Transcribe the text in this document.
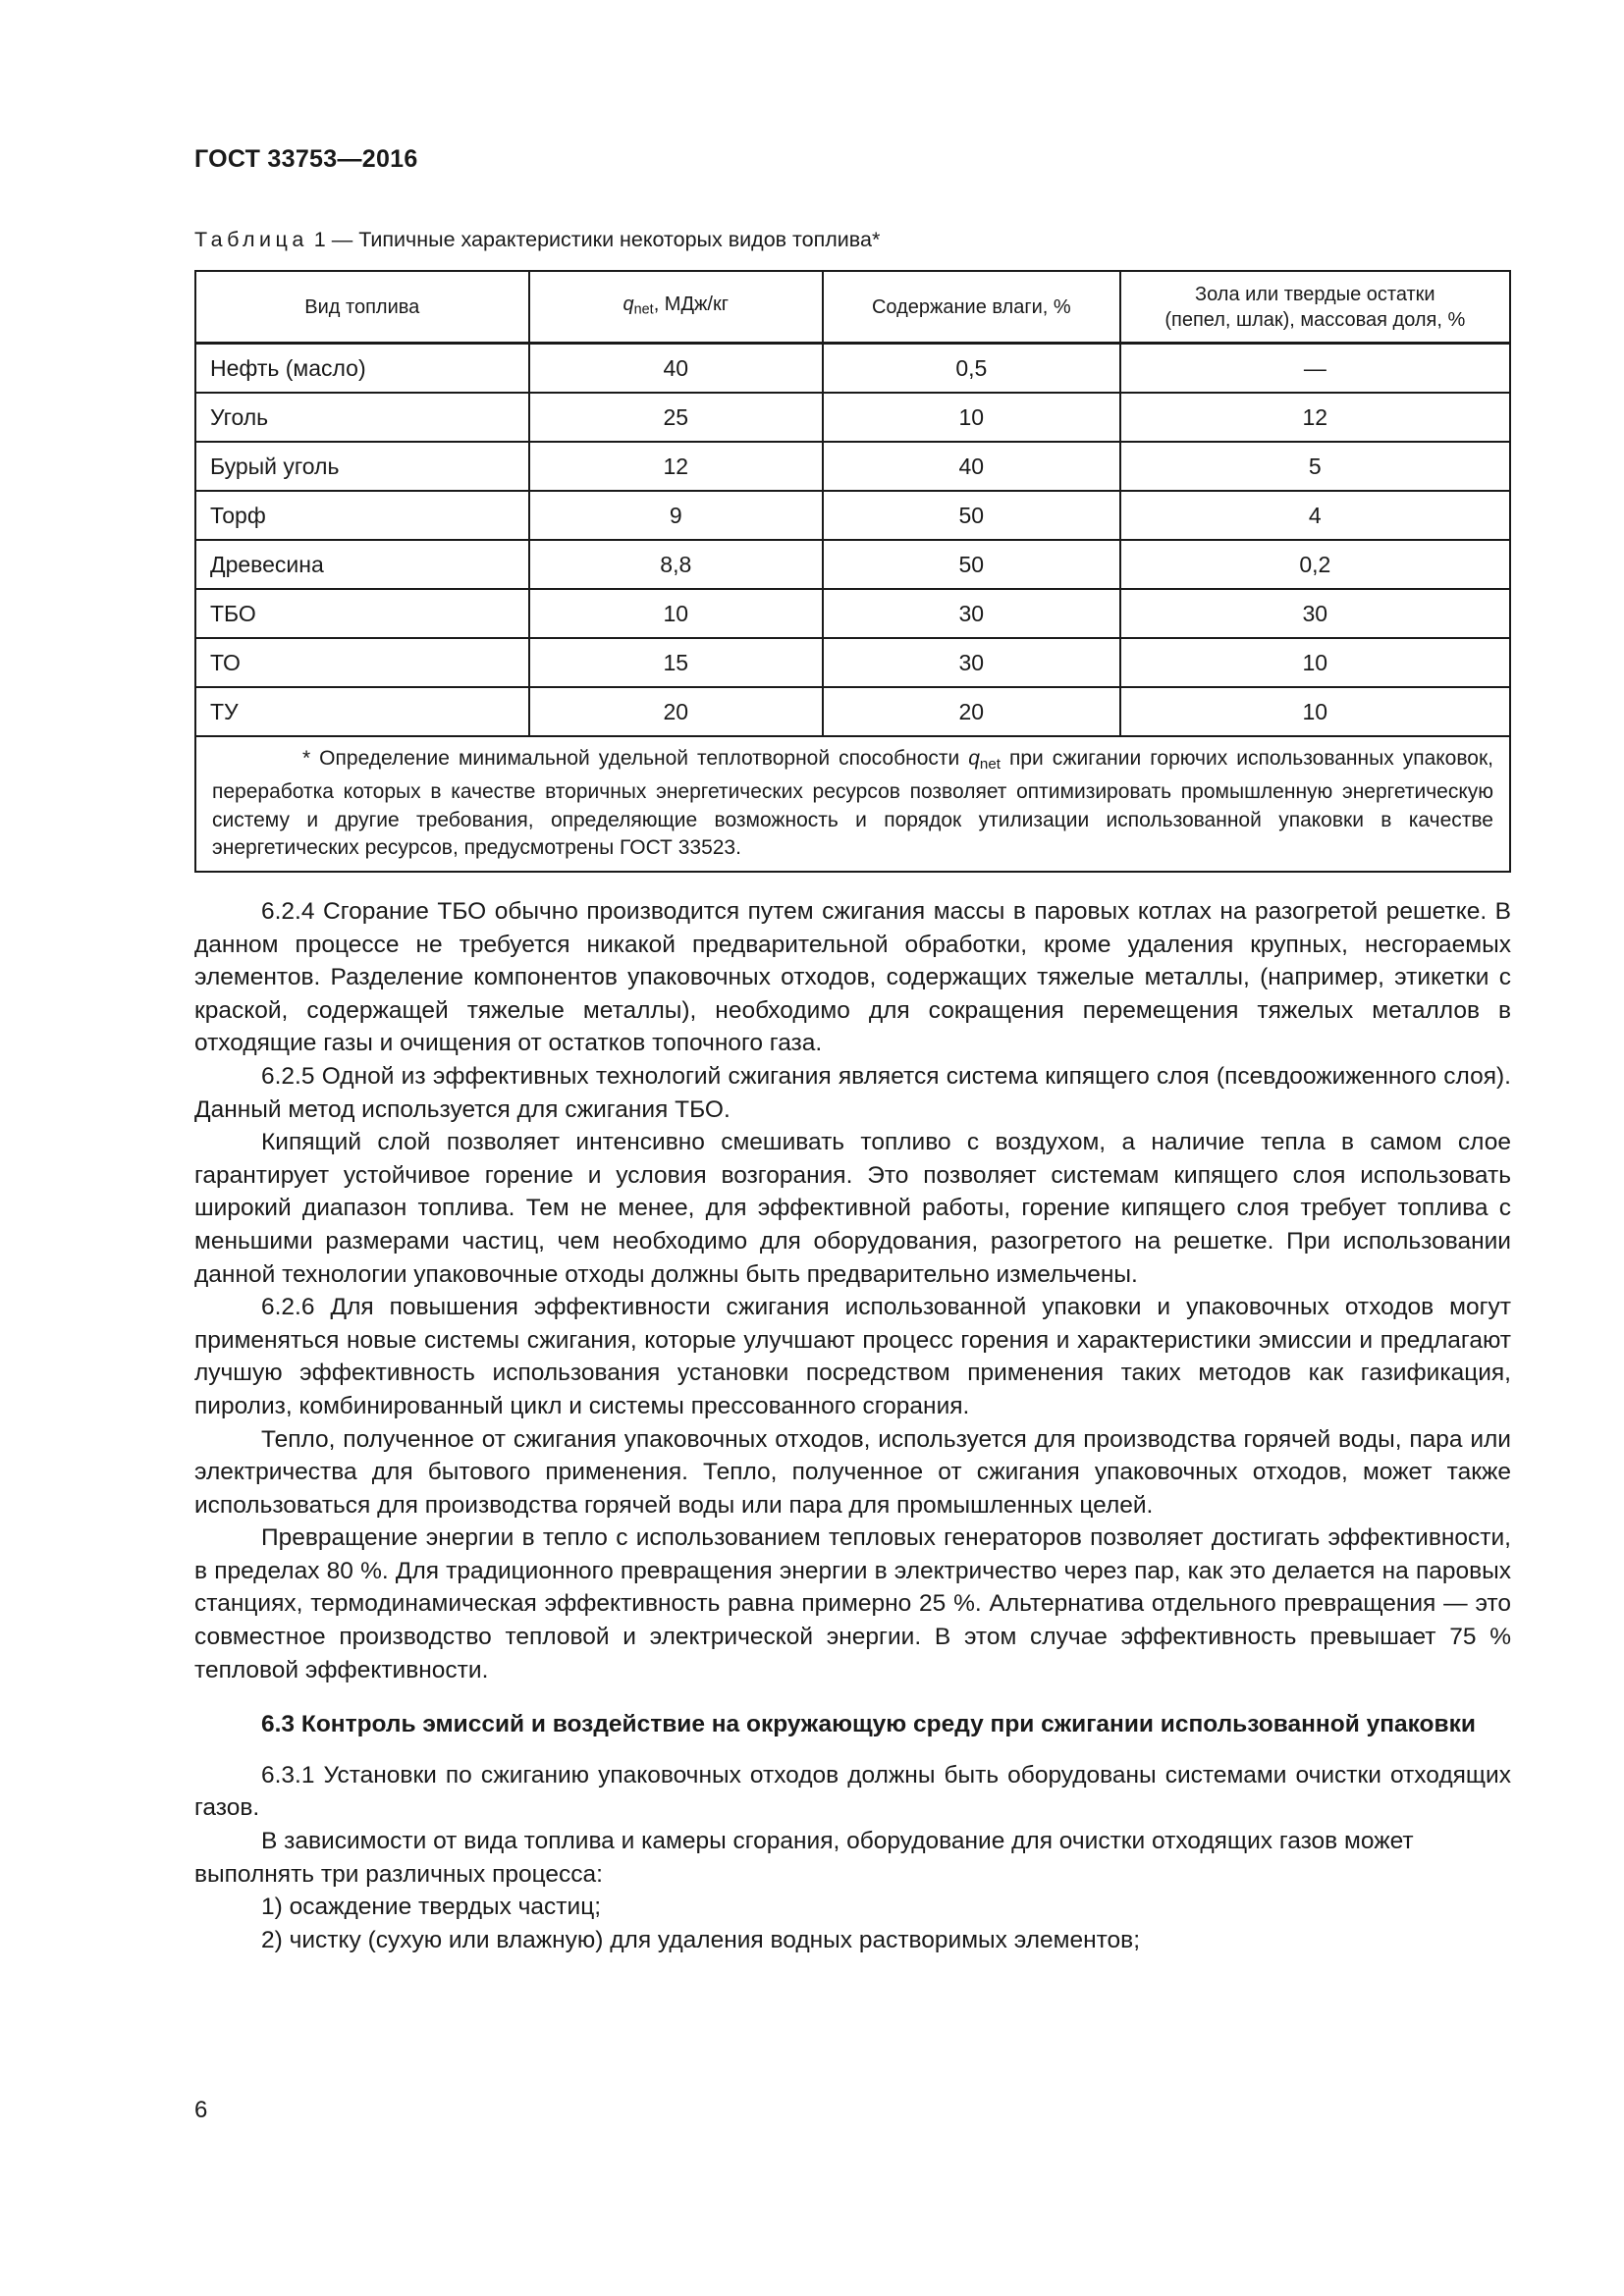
ГОСТ 33753—2016
Таблица 1 — Типичные характеристики некоторых видов топлива*
Вид топлива	$q_{net}$, МДж/кг	Содержание влаги, %	Зола или твердые остатки
(пепел, шлак), массовая доля, %
Нефть (масло)	40	0,5	—
Уголь	25	10	12
Бурый уголь	12	40	5
Торф	9	50	4
Древесина	8,8	50	0,2
ТБО	10	30	30
ТО	15	30	10
ТУ	20	20	10
* Определение минимальной удельной теплотворной способности $q_{net}$ при сжигании горючих использованных упаковок, переработка которых в качестве вторичных энергетических ресурсов позволяет оптимизировать промышленную энергетическую систему и другие требования, определяющие возможность и порядок утилизации использованной упаковки в качестве энергетических ресурсов, предусмотрены ГОСТ 33523.			

6.2.4 Сгорание ТБО обычно производится путем сжигания массы в паровых котлах на разогретой решетке. В данном процессе не требуется никакой предварительной обработки, кроме удаления крупных, несгораемых элементов. Разделение компонентов упаковочных отходов, содержащих тяжелые металлы, (например, этикетки с краской, содержащей тяжелые металлы), необходимо для сокращения перемещения тяжелых металлов в отходящие газы и очищения от остатков топочного газа.

6.2.5 Одной из эффективных технологий сжигания является система кипящего слоя (псевдоожиженного слоя). Данный метод используется для сжигания ТБО.

Кипящий слой позволяет интенсивно смешивать топливо с воздухом, а наличие тепла в самом слое гарантирует устойчивое горение и условия возгорания. Это позволяет системам кипящего слоя использовать широкий диапазон топлива. Тем не менее, для эффективной работы, горение кипящего слоя требует топлива с меньшими размерами частиц, чем необходимо для оборудования, разогретого на решетке. При использовании данной технологии упаковочные отходы должны быть предварительно измельчены.

6.2.6 Для повышения эффективности сжигания использованной упаковки и упаковочных отходов могут применяться новые системы сжигания, которые улучшают процесс горения и характеристики эмиссии и предлагают лучшую эффективность использования установки посредством применения таких методов как газификация, пиролиз, комбинированный цикл и системы прессованного сгорания.

Тепло, полученное от сжигания упаковочных отходов, используется для производства горячей воды, пара или электричества для бытового применения. Тепло, полученное от сжигания упаковочных отходов, может также использоваться для производства горячей воды или пара для промышленных целей.

Превращение энергии в тепло с использованием тепловых генераторов позволяет достигать эффективности, в пределах 80 %. Для традиционного превращения энергии в электричество через пар, как это делается на паровых станциях, термодинамическая эффективность равна примерно 25 %. Альтернатива отдельного превращения — это совместное производство тепловой и электрической энергии. В этом случае эффективность превышает 75 % тепловой эффективности.

6.3 Контроль эмиссий и воздействие на окружающую среду при сжигании использованной упаковки

6.3.1 Установки по сжиганию упаковочных отходов должны быть оборудованы системами очистки отходящих газов.

В зависимости от вида топлива и камеры сгорания, оборудование для очистки отходящих газов может выполнять три различных процесса:

1) осаждение твердых частиц;

2) чистку (сухую или влажную) для удаления водных растворимых элементов;

6
